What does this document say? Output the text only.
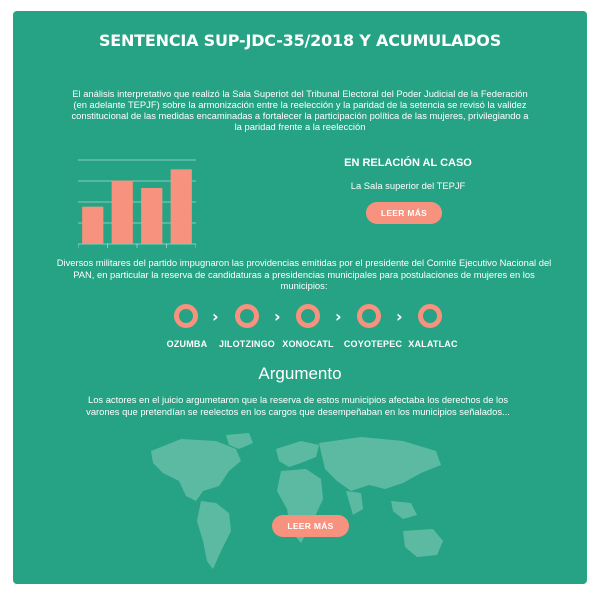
SENTENCIA SUP-JDC-35/2018 Y ACUMULADOS
El análisis interpretativo que realizó la Sala Superiot del Tribunal Electoral del Poder Judicial de la Federación (en adelante TEPJF) sobre la armonización entre la reelección y la paridad de la setencia se revisó la validez constitucional de las medidas encaminadas a fortalecer la participación política de las mujeres, privilegiando a la paridad frente a la reelección
EN RELACIÓN AL CASO
La Sala superior del TEPJF
LEER MÁS
Diversos militares del partido impugnaron las providencias emitidas por el presidente del Comité Ejecutivo Nacional del PAN, en particular la reserva de candidaturas a presidencias municipales para postulaciones de mujeres en los municipios:
›	›	›	›
OZUMBA	JILOTZINGO XONOCATL	COYOTEPEC XALATLAC
Argumento
Los actores en el juicio argumetaron que la reserva de estos municipios afectaba los derechos de los varones que pretendían se reelectos en los cargos que desempeñaban en los municipios señalados...
LEER MÁS
